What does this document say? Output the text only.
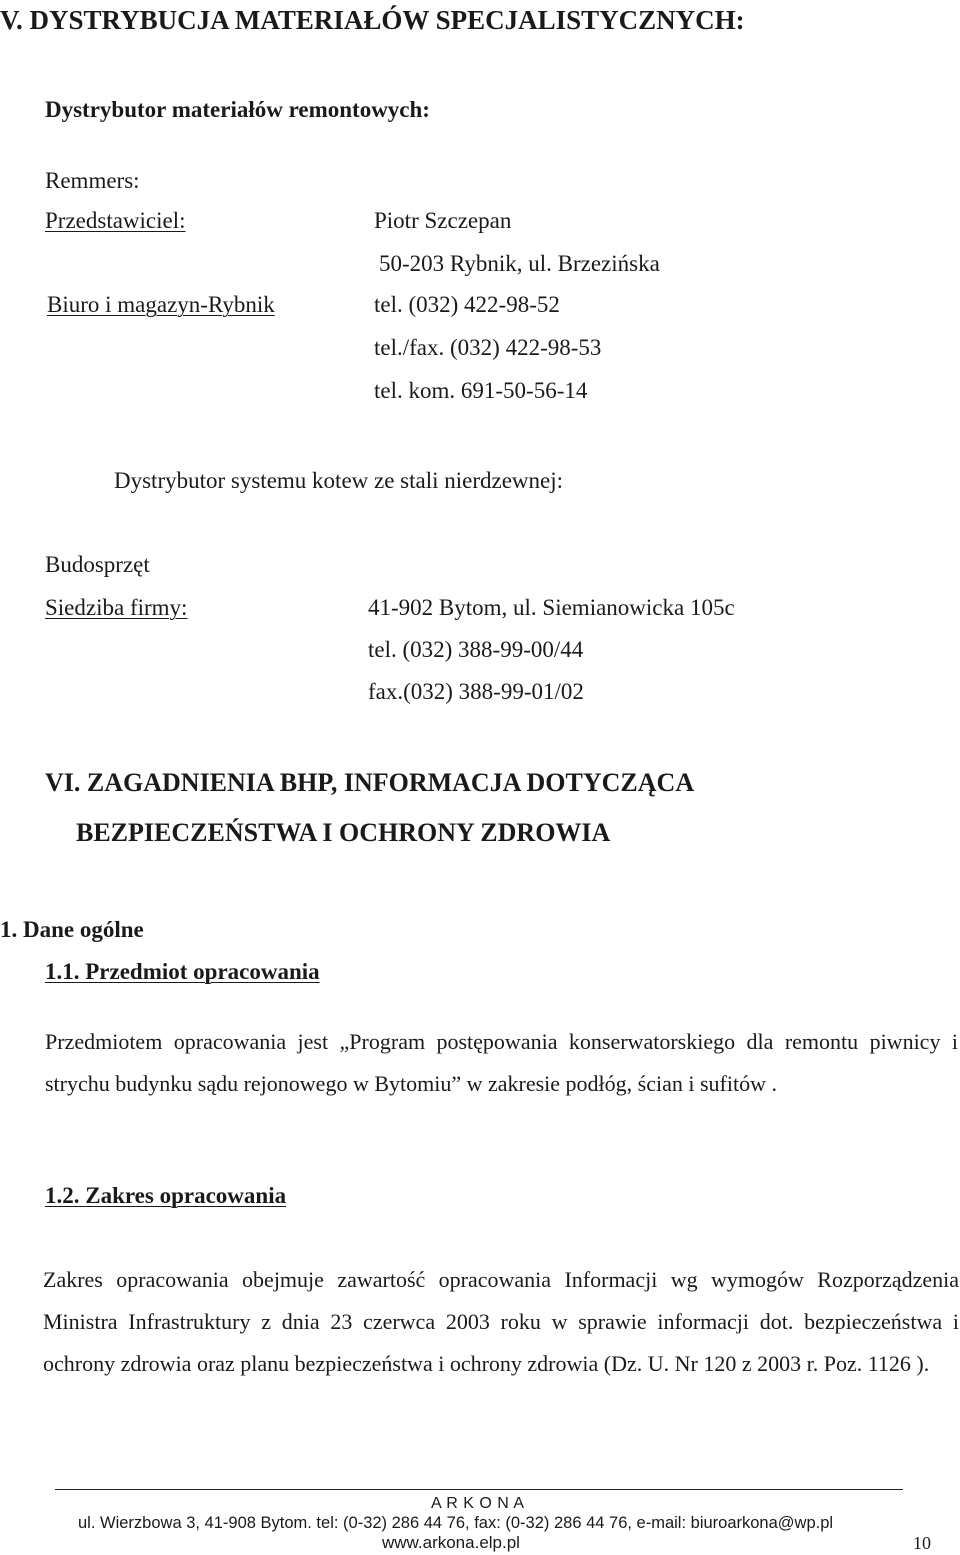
V. DYSTRYBUCJA MATERIAŁÓW SPECJALISTYCZNYCH:
Dystrybutor materiałów remontowych:
Remmers:
Przedstawiciel:	Piotr Szczepan
50-203 Rybnik, ul. Brzezińska
Biuro i magazyn-Rybnik	tel. (032) 422-98-52
tel./fax. (032) 422-98-53
tel. kom. 691-50-56-14
Dystrybutor systemu kotew ze stali nierdzewnej:
Budosprzęt
Siedziba firmy:	41-902 Bytom, ul. Siemianowicka 105c
tel. (032) 388-99-00/44
fax.(032) 388-99-01/02
VI. ZAGADNIENIA BHP, INFORMACJA DOTYCZĄCA
BEZPIECZEŃSTWA I OCHRONY ZDROWIA
1. Dane ogólne
1.1. Przedmiot opracowania
Przedmiotem opracowania jest „Program postępowania konserwatorskiego dla remontu piwnicy i strychu budynku sądu rejonowego w Bytomiu” w zakresie podłóg, ścian i sufitów .
1.2. Zakres opracowania
Zakres opracowania obejmuje zawartość opracowania Informacji wg wymogów Rozporządzenia Ministra Infrastruktury z dnia 23 czerwca 2003 roku w sprawie informacji dot. bezpieczeństwa i ochrony zdrowia oraz planu bezpieczeństwa i ochrony zdrowia (Dz. U. Nr 120 z 2003 r. Poz. 1126 ).
A R K O N A
ul. Wierzbowa 3, 41-908 Bytom. tel: (0-32) 286 44 76, fax: (0-32) 286 44 76, e-mail: biuroarkona@wp.pl
www.arkona.elp.pl	10
